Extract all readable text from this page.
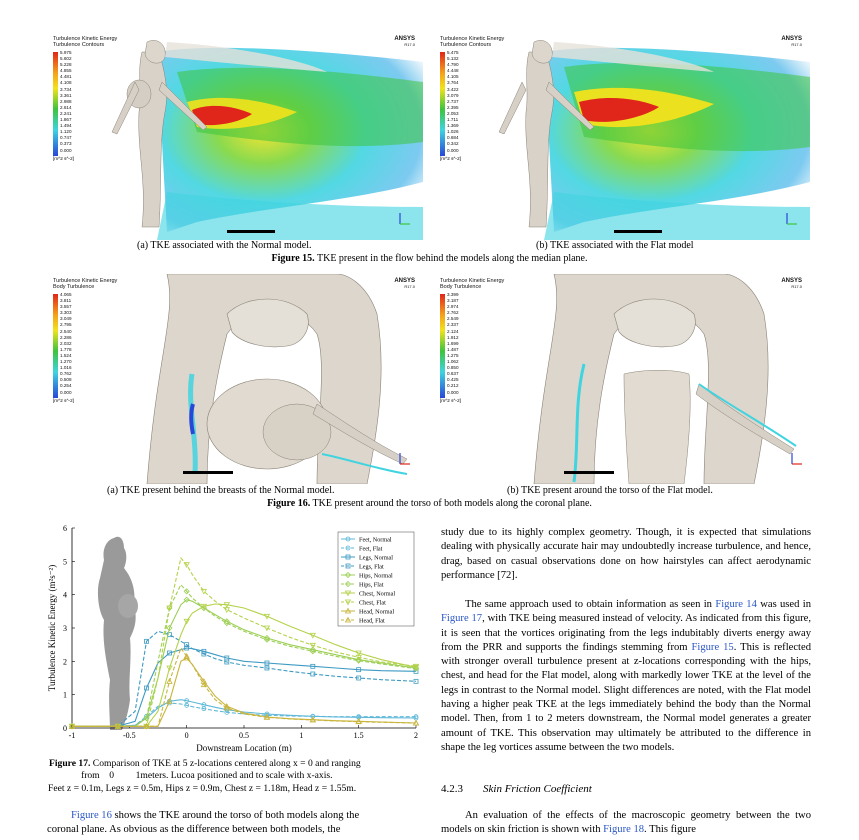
Turbulence Kinetic Energy
Turbulence Contours
5.975
5.602
5.228
4.855
4.481
4.108
3.734
3.361
2.988
2.614
2.241
1.867
1.494
1.120
0.747
0.373
0.000
[m^2 s^-2]
ANSYS
R17.0
Turbulence Kinetic Energy
Turbulence Contours
5.475
5.132
4.790
4.448
4.105
3.764
3.422
3.079
2.737
2.395
2.053
1.711
1.369
1.026
0.684
0.342
0.000
[m^2 s^-2]
ANSYS
R17.0
(a) TKE associated with the Normal model.	(b) TKE associated with the Flat model
Figure 15. TKE present in the flow behind the models along the median plane.
Turbulence Kinetic Energy
Body Turbulence
4.065
3.811
3.557
3.303
3.049
2.795
2.540
2.286
2.032
1.778
1.524
1.270
1.016
0.762
0.508
0.254
0.000
[m^2 s^-2]
ANSYS
R17.0
Turbulence Kinetic Energy
Body Turbulence
3.399
3.187
2.974
2.762
2.549
2.337
2.124
1.912
1.699
1.487
1.275
1.062
0.850
0.637
0.425
0.212
0.000
[m^2 s^-2]
ANSYS
R17.0
(a) TKE present behind the breasts of the Normal model.	(b) TKE present around the torso of the Flat model.
Figure 16. TKE present around the torso of both models along the coronal plane.
-1	-0.5	0	0.5	1	1.5	2
0
1
2
3
4
5
6
Downstream Location (m)
Turbulence Kinetic Energy (m²s⁻²)
Feet, Normal
Feet, Flat
Legs, Normal
Legs, Flat
Hips, Normal
Hips, Flat
Chest, Normal
Chest, Flat
Head, Normal
Head, Flat
Figure 17. Comparison of TKE at 5 z-locations centered along x = 0 and ranging
from    0         1meters. Lucoa positioned and to scale with x-axis.
Feet z = 0.1m, Legs z = 0.5m, Hips z = 0.9m, Chest z = 1.18m, Head z = 1.55m.
Figure 16 shows the TKE around the torso of both models along the
coronal plane. As obvious as the difference between both models, the

study due to its highly complex geometry. Though, it is expected that simulations dealing with physically accurate hair may undoubtedly increase turbulence, and hence, drag, based on casual observations done on how hairstyles can affect aerodynamic performance [72].

The same approach used to obtain information as seen in Figure 14 was used in Figure 17, with TKE being measured instead of velocity. As indicated from this figure, it is seen that the vortices originating from the legs indubitably diverts energy away from the PRR and supports the findings stemming from Figure 15. This is reflected with stronger overall turbulence present at z-locations corresponding with the hips, chest, and head for the Flat model, along with markedly lower TKE at the level of the legs in contrast to the Normal model. Slight differences are noted, with the Flat model having a higher peak TKE at the legs immediately behind the body than the Normal model. Then, from 1 to 2 meters downstream, the Normal model generates a greater amount of TKE. This observation may ultimately be attributed to the difference in shape the leg vortices assume between the two models.

4.2.3 Skin Friction Coefficient

An evaluation of the effects of the macroscopic geometry between the two models on skin friction is shown with Figure 18. This figure
